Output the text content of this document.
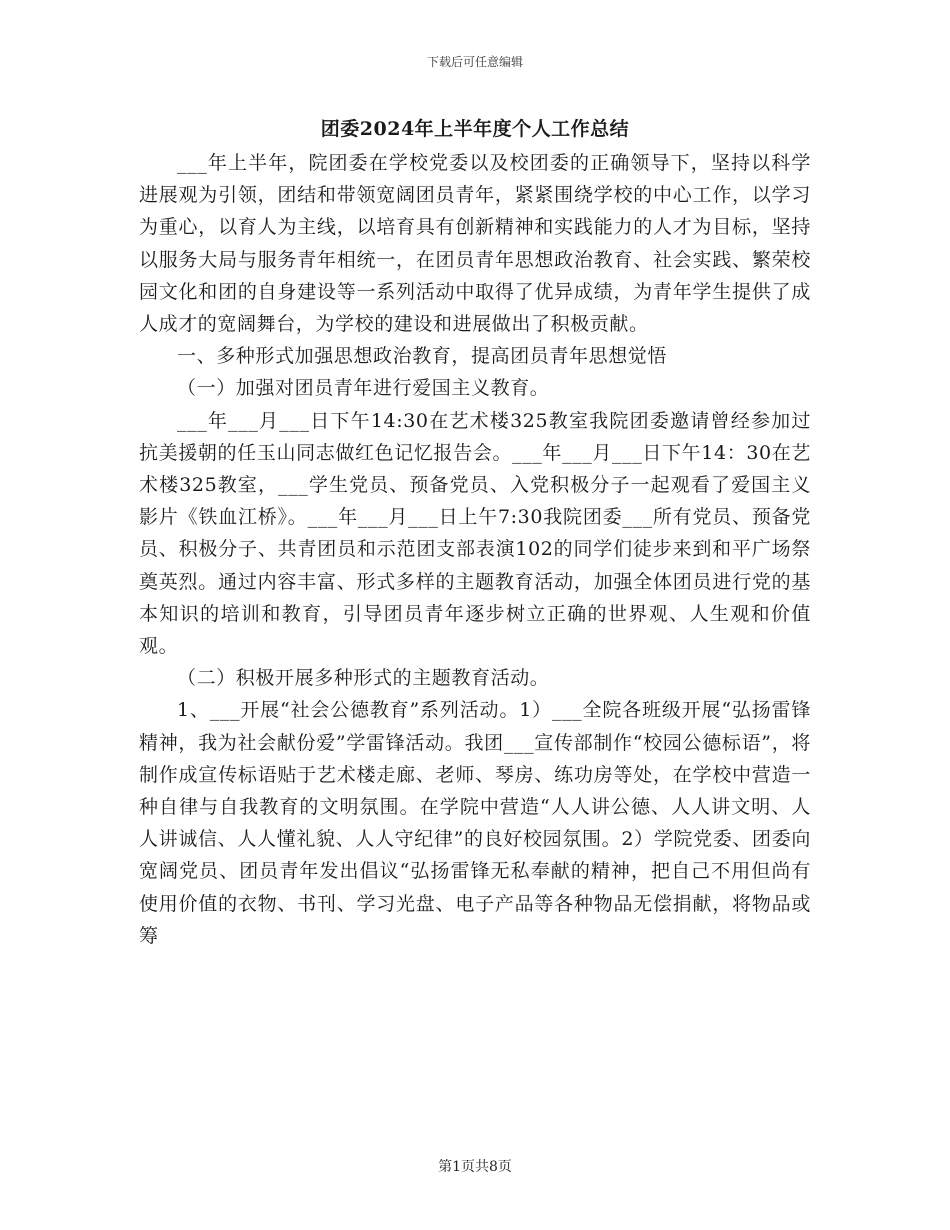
下载后可任意编辑
团委2024年上半年度个人工作总结

___年上半年，院团委在学校党委以及校团委的正确领导下，坚持以科学进展观为引领，团结和带领宽阔团员青年，紧紧围绕学校的中心工作，以学习为重心，以育人为主线，以培育具有创新精神和实践能力的人才为目标，坚持以服务大局与服务青年相统一，在团员青年思想政治教育、社会实践、繁荣校园文化和团的自身建设等一系列活动中取得了优异成绩，为青年学生提供了成人成才的宽阔舞台，为学校的建设和进展做出了积极贡献。

一、多种形式加强思想政治教育，提高团员青年思想觉悟

（一）加强对团员青年进行爱国主义教育。

___年___月___日下午14:30在艺术楼325教室我院团委邀请曾经参加过抗美援朝的任玉山同志做红色记忆报告会。___年___月___日下午14：30在艺术楼325教室，___学生党员、预备党员、入党积极分子一起观看了爱国主义影片《铁血江桥》。___年___月___日上午7:30我院团委___所有党员、预备党员、积极分子、共青团员和示范团支部表演102的同学们徒步来到和平广场祭奠英烈。通过内容丰富、形式多样的主题教育活动，加强全体团员进行党的基本知识的培训和教育，引导团员青年逐步树立正确的世界观、人生观和价值观。

（二）积极开展多种形式的主题教育活动。

1、___开展“社会公德教育”系列活动。1）___全院各班级开展“弘扬雷锋精神，我为社会献份爱”学雷锋活动。我团___宣传部制作“校园公德标语”，将制作成宣传标语贴于艺术楼走廊、老师、琴房、练功房等处，在学校中营造一种自律与自我教育的文明氛围。在学院中营造“人人讲公德、人人讲文明、人人讲诚信、人人懂礼貌、人人守纪律”的良好校园氛围。2）学院党委、团委向宽阔党员、团员青年发出倡议“弘扬雷锋无私奉献的精神，把自己不用但尚有使用价值的衣物、书刊、学习光盘、电子产品等各种物品无偿捐献，将物品或筹

第1页共8页
